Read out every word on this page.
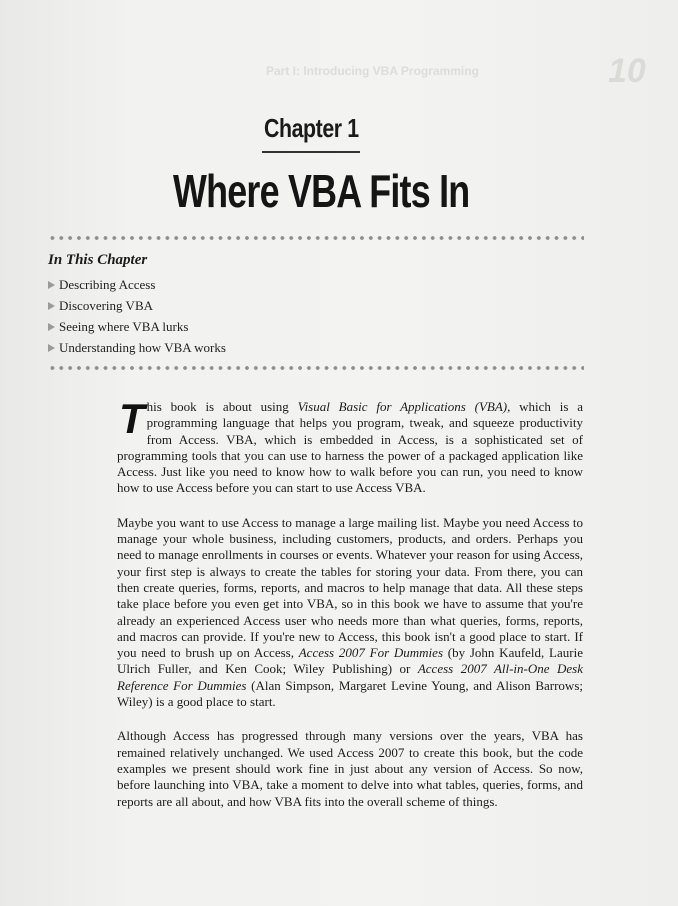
10
Part I: Introducing VBA Programming
Chapter 1
Where VBA Fits In
In This Chapter
Describing Access
Discovering VBA
Seeing where VBA lurks
Understanding how VBA works

This book is about using Visual Basic for Applications (VBA), which is a programming language that helps you program, tweak, and squeeze productivity from Access. VBA, which is embedded in Access, is a sophisticated set of programming tools that you can use to harness the power of a packaged application like Access. Just like you need to know how to walk before you can run, you need to know how to use Access before you can start to use Access VBA.

Maybe you want to use Access to manage a large mailing list. Maybe you need Access to manage your whole business, including customers, products, and orders. Perhaps you need to manage enrollments in courses or events. Whatever your reason for using Access, your first step is always to create the tables for storing your data. From there, you can then create queries, forms, reports, and macros to help manage that data. All these steps take place before you even get into VBA, so in this book we have to assume that you're already an experienced Access user who needs more than what queries, forms, reports, and macros can provide. If you're new to Access, this book isn't a good place to start. If you need to brush up on Access, Access 2007 For Dummies (by John Kaufeld, Laurie Ulrich Fuller, and Ken Cook; Wiley Publishing) or Access 2007 All-in-One Desk Reference For Dummies (Alan Simpson, Margaret Levine Young, and Alison Barrows; Wiley) is a good place to start.

Although Access has progressed through many versions over the years, VBA has remained relatively unchanged. We used Access 2007 to create this book, but the code examples we present should work fine in just about any version of Access. So now, before launching into VBA, take a moment to delve into what tables, queries, forms, and reports are all about, and how VBA fits into the overall scheme of things.
